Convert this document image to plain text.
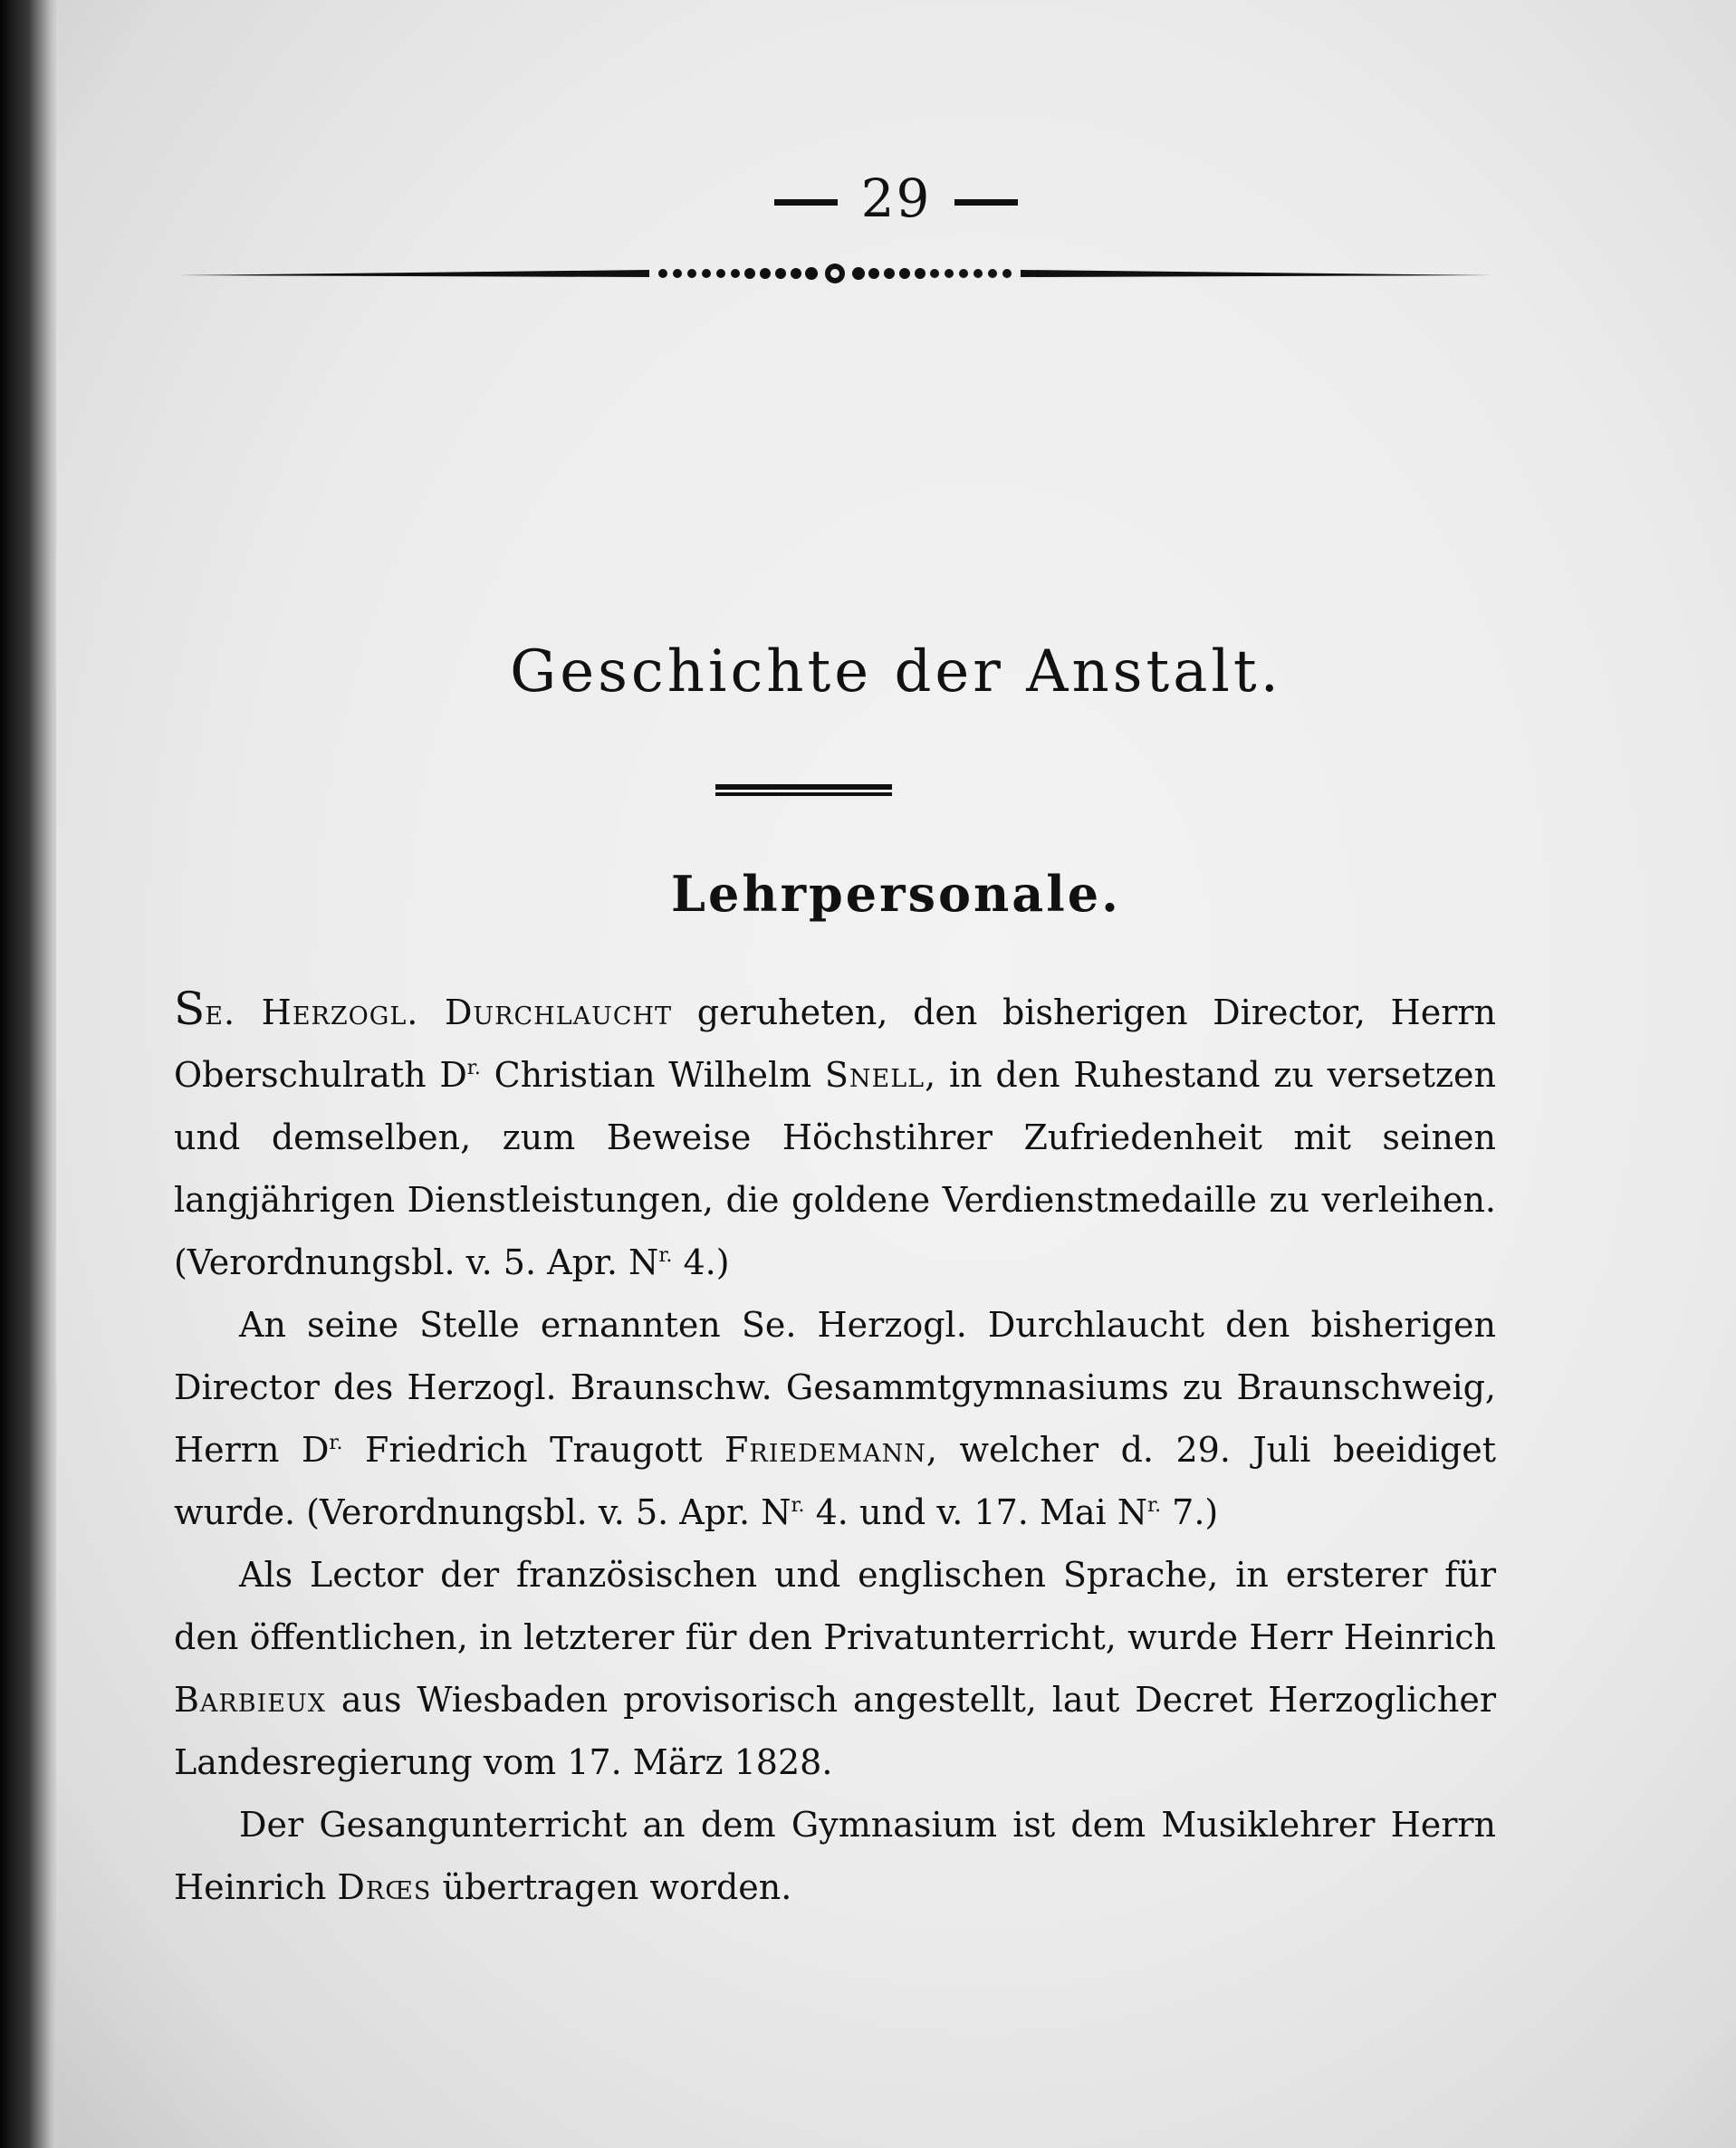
29
Geschichte der Anstalt.
Lehrpersonale.

Se. Herzogl. Durchlaucht geruheten, den bisherigen Director, Herrn Oberschulrath $D^{r.}$ Christian Wilhelm Snell, in den Ruhestand zu versetzen und demselben, zum Beweise Höchstihrer Zufriedenheit mit seinen langjährigen Dienstleistungen, die goldene Verdienstmedaille zu verleihen. (Verordnungsbl. v. 5. Apr. $N^{r.}$ 4.)

An seine Stelle ernannten Se. Herzogl. Durchlaucht den bisherigen Director des Herzogl. Braunschw. Gesammtgymnasiums zu Braunschweig, Herrn $D^{r.}$ Friedrich Traugott Friedemann, welcher d. 29. Juli beeidiget wurde. (Verordnungsbl. v. 5. Apr. $N^{r.}$ 4. und v. 17. Mai $N^{r.}$ 7.)

Als Lector der französischen und englischen Sprache, in ersterer für den öffentlichen, in letzterer für den Privatunterricht, wurde Herr Heinrich Barbieux aus Wiesbaden provisorisch angestellt, laut Decret Herzoglicher Landesregierung vom 17. März 1828.

Der Gesangunterricht an dem Gymnasium ist dem Musiklehrer Herrn Heinrich Drœs übertragen worden.
